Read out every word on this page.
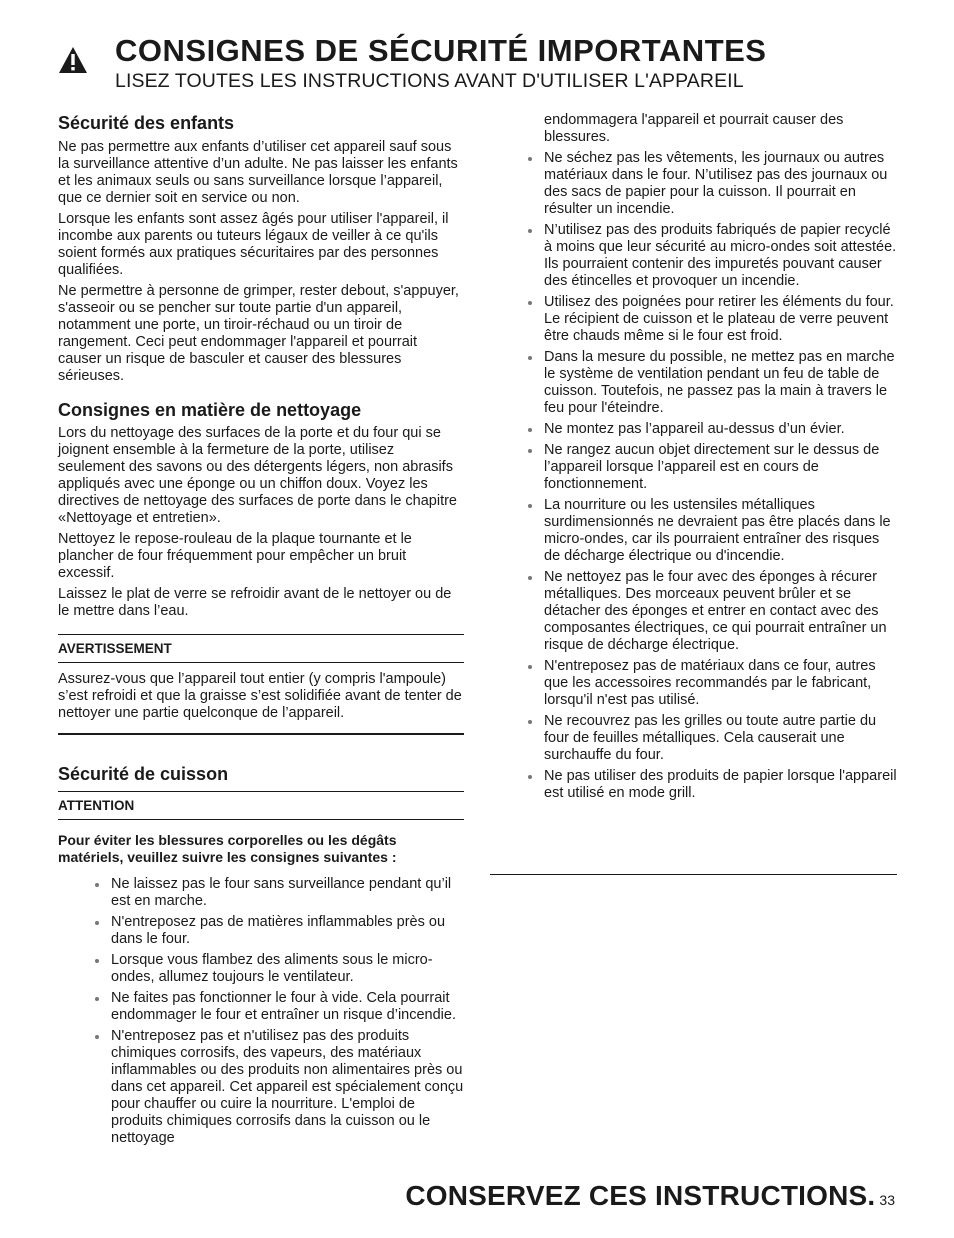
CONSIGNES DE SÉCURITÉ IMPORTANTES
LISEZ TOUTES LES INSTRUCTIONS AVANT D'UTILISER L'APPAREIL
Sécurité des enfants

Ne pas permettre aux enfants d’utiliser cet appareil sauf sous la surveillance attentive d’un adulte. Ne pas laisser les enfants et les animaux seuls ou sans surveillance lorsque l’appareil, que ce dernier soit en service ou non.

Lorsque les enfants sont assez âgés pour utiliser l'appareil, il incombe aux parents ou tuteurs légaux de veiller à ce qu'ils soient formés aux pratiques sécuritaires par des personnes qualifiées.

Ne permettre à personne de grimper, rester debout, s'appuyer, s'asseoir ou se pencher sur toute partie d'un appareil, notamment une porte, un tiroir-réchaud ou un tiroir de rangement. Ceci peut endommager l'appareil et pourrait causer un risque de basculer et causer des blessures sérieuses.

Consignes en matière de nettoyage

Lors du nettoyage des surfaces de la porte et du four qui se joignent ensemble à la fermeture de la porte, utilisez seulement des savons ou des détergents légers, non abrasifs appliqués avec une éponge ou un chiffon doux. Voyez les directives de nettoyage des surfaces de porte dans le chapitre «Nettoyage et entretien».

Nettoyez le repose-rouleau de la plaque tournante et le plancher de four fréquemment pour empêcher un bruit excessif.

Laissez le plat de verre se refroidir avant de le nettoyer ou de le mettre dans l’eau.

AVERTISSEMENT

Assurez-vous que l’appareil tout entier (y compris l'ampoule) s’est refroidi et que la graisse s’est solidifiée avant de tenter de nettoyer une partie quelconque de l’appareil.

Sécurité de cuisson
ATTENTION

Pour éviter les blessures corporelles ou les dégâts matériels, veuillez suivre les consignes suivantes :

Ne laissez pas le four sans surveillance pendant qu’il est en marche.
N'entreposez pas de matières inflammables près ou dans le four.
Lorsque vous flambez des aliments sous le micro-ondes, allumez toujours le ventilateur.
Ne faites pas fonctionner le four à vide. Cela pourrait endommager le four et entraîner un risque d’incendie.
N'entreposez pas et n'utilisez pas des produits chimiques corrosifs, des vapeurs, des matériaux inflammables ou des produits non alimentaires près ou dans cet appareil. Cet appareil est spécialement conçu pour chauffer ou cuire la nourriture. L'emploi de produits chimiques corrosifs dans la cuisson ou le nettoyage
endommagera l'appareil et pourrait causer des blessures.
Ne séchez pas les vêtements, les journaux ou autres matériaux dans le four. N’utilisez pas des journaux ou des sacs de papier pour la cuisson. Il pourrait en résulter un incendie.
N’utilisez pas des produits fabriqués de papier recyclé à moins que leur sécurité au micro-ondes soit attestée. Ils pourraient contenir des impuretés pouvant causer des étincelles et provoquer un incendie.
Utilisez des poignées pour retirer les éléments du four. Le récipient de cuisson et le plateau de verre peuvent être chauds même si le four est froid.
Dans la mesure du possible, ne mettez pas en marche le système de ventilation pendant un feu de table de cuisson. Toutefois, ne passez pas la main à travers le feu pour l'éteindre.
Ne montez pas l’appareil au-dessus d’un évier.
Ne rangez aucun objet directement sur le dessus de l’appareil lorsque l’appareil est en cours de fonctionnement.
La nourriture ou les ustensiles métalliques surdimensionnés ne devraient pas être placés dans le micro-ondes, car ils pourraient entraîner des risques de décharge électrique ou d'incendie.
Ne nettoyez pas le four avec des éponges à récurer métalliques. Des morceaux peuvent brûler et se détacher des éponges et entrer en contact avec des composantes électriques, ce qui pourrait entraîner un risque de décharge électrique.
N'entreposez pas de matériaux dans ce four, autres que les accessoires recommandés par le fabricant, lorsqu'il n'est pas utilisé.
Ne recouvrez pas les grilles ou toute autre partie du four de feuilles métalliques. Cela causerait une surchauffe du four.
Ne pas utiliser des produits de papier lorsque l'appareil est utilisé en mode grill.
CONSERVEZ CES INSTRUCTIONS. 33
